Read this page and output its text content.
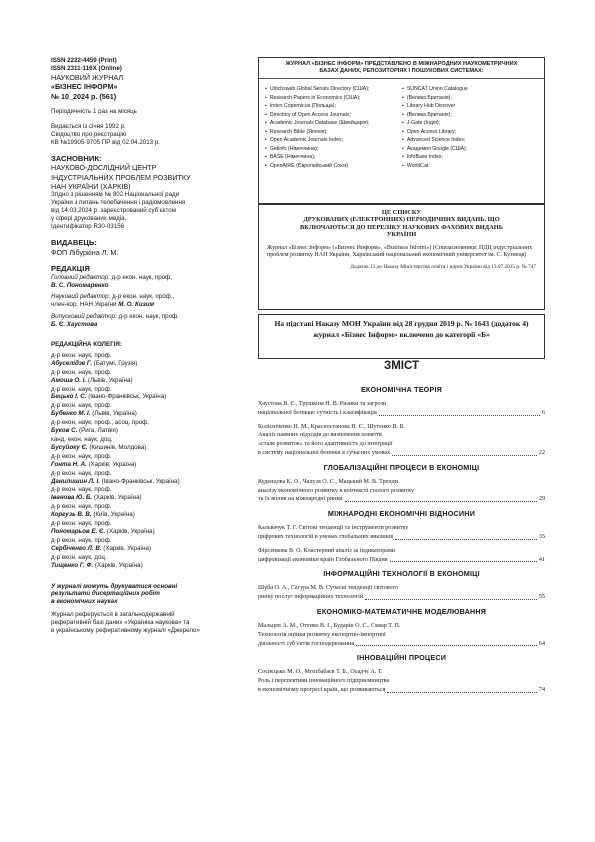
ISSN 2222-4459 (Print)
ISSN 2311-116X (Online)
НАУКОВИЙ ЖУРНАЛ
«БІЗНЕС ІНФОРМ»
№ 10_2024 р. (561)
Періодичність 1 раз на місяць
Видається із січня 1992 р.
Свідоцтво про реєстрацію
КВ №19905-9705 ПР від 02.04.2013 р.
ЗАСНОВНИК:
НАУКОВО-ДОСЛІДНИЙ ЦЕНТР
ІНДУСТРІАЛЬНИХ ПРОБЛЕМ РОЗВИТКУ
НАН УКРАЇНИ (ХАРКІВ)
Згідно з рішенням № 802 Національної ради
України з питань телебачення і радіомовлення
від 14.03.2024 р. зареєстрований суб’єктом
у сфері друкованих медіа.
Ідентифікатор R30-03156
ВИДАВЕЦЬ:
ФОП Лібуркіна Л. М.
РЕДАКЦІЯ
Головний редактор: д-р екон. наук, проф.
В. С. Пономаренко
Науковий редактор: д-р екон. наук, проф.,
член-кор. НАН України М. О. Кизим
Випусковий редактор: д-р екон. наук, проф.
Б. Є. Хаустова
РЕДАКЦІЙНА КОЛЕГІЯ:
д-р екон. наук, проф.
Абуселідзе Г. (Батумі, Грузія)
д-р екон. наук, проф.
Амоша О. І. (Львів, Україна)
д-р екон. наук, проф.
Бецько І. С. (Івано-Франківськ, Україна)
д-р екон. наук, проф.
Бубенко М. І. (Львів, Україна)
д-р екон. наук, проф., асоц. проф.
Буков С. (Рига, Латвія)
канд. екон. наук, доц.
Бусуйоку Є. (Кишинів, Молдова)
д-р екон. наук, проф.
Гонта Н. А. (Харків, Україна)
д-р екон. наук, проф.
Данилишин Л. І. (Івано-Франківськ, Україна)
д-р екон. наук, проф.
Іванова Ю. Б. (Харків, Україна)
д-р екон. наук, проф.
Коргузь В. В. (Київ, Україна)
д-р екон. наук, проф.
Пономарьов Е. Є. (Харків, Україна)
д-р екон. наук, проф.
Сербіченко Л. В. (Харків, Україна)
д-р екон. наук, доц.
Тищенко Г. Ф. (Харків, Україна)
У журналі можуть друкуватися основні
результати дисертаційних робіт
в економічних науках
Журнал реферується в загальнодержавній
реферативній базі даних «Україніка наукова» та
в українському реферативному журналі «Джерело»
ЖУРНАЛ «БІЗНЕС ІНФОРМ» ПРЕДСТАВЛЕНО В МІЖНАРОДНИХ НАУКОМЕТРИЧНИХ БАЗАХ ДАНИХ, РЕПОЗИТОРІЯХ І ПОШУКОВИХ СИСТЕМАХ:
▪ Ulrichsweb Global Serials Directory (США);
▪ Research Papers in Economics (США);
▪ Index Copernicus (Польща);
▪ Directory of Open Access Journals;
▪ Academic Journals Database (Швейцарія);
▪ Research Bible (Японія);
▪ Open Academic Journals Index;
▪ Getinfo (Німеччина);
▪ BASE (Німеччина);
▪ OpenAIRE (Європейський Союз)
▪ SUNCAT Union Catalogue
▪ (Велика Британія);
▪ Library Hub Discover
▪ (Велика Британія);
▪ J-Gate (Індія);
▪ Open Access Library;
▪ Advanced Science Index;
▪ Академия Google (США);
▪ InfoBase Index;
▪ WorldCat
ЦЕ СПИСКУ
ДРУКОВАНИХ (ЕЛЕКТРОННИХ) ПЕРІОДИЧНИХ ВИДАНЬ, ЩО ВКЛЮЧАЮТЬСЯ ДО ПЕРЕЛІКУ НАУКОВИХ ФАХОВИХ ВИДАНЬ УКРАЇНИ
Журнал «Бізнес Інформ» («Бизнес Информ», «Business Inform») (Співзасновники: НДЦ індустріальних проблем розвитку НАН України, Харківський національний економічний університет ім. С. Кузнеця)
Додаток 13 до Наказу Міністерства освіти і науки України від 13.07.2015 р. № 747
На підставі Наказу МОН України від 28 грудня 2019 р. № 1643 (додаток 4) журнал «Бізнес Інформ» включено до категорії «Б»
ЗМІСТ
ЕКОНОМІЧНА ТЕОРІЯ
Хаустова В. Є., Трушкіна Н. В. Ризики та загрози
національної безпеки: сутність і класифікація	6
Колісніченко Н. М., Красностанова Н. Є., Шутенко В. В.
Аналіз наявних підходів до визначення поняття
«стале розвиток» та його адаптивність до інтеграції
в систему національної безпеки в сучасних умовах	22
ГЛОБАЛІЗАЦІЙНІ ПРОЦЕСИ В ЕКОНОМІЦІ
Куденцова К. О., Чалузя О. С., Мацький М. В. Тренди
аналізу економічного розвитку в контексті сталого розвитку
та їх вплив на міжнародні ринки	29
МІЖНАРОДНІ ЕКОНОМІЧНІ ВІДНОСИНИ
Кальвачук Т. Г. Світові тенденції та інструменти розвитку
цифрових технологій в умовах глобальних викликів	35
Фірсенкова В. О. Кластерний аналіз за індикаторами
цифровізації економіки країн Глобального Півдня	41
ІНФОРМАЦІЙНІ ТЕХНОЛОГІЇ В ЕКОНОМІЦІ
Шуба О. А., Сагура М. В. Сучасні тенденції світового
ринку послуг інформаційних технологій	55
ЕКОНОМІКО-МАТЕМАТИЧНЕ МОДЕЛЮВАННЯ
Мальцев А. М., Отенко В. І., Бударін О. С., Сквар Т. П.
Технологія оцінки розвитку експортно-імпортної
діяльності суб’єктів господарювання	64
ІННОВАЦІЙНІ ПРОЦЕСИ
Соснєцько М. О., Мохібабаєв Т. Б., Осадчє А. Т.
Роль і перспективи інноваційного підприємництва
в економічному прогресі країн, що розвиваються	74
